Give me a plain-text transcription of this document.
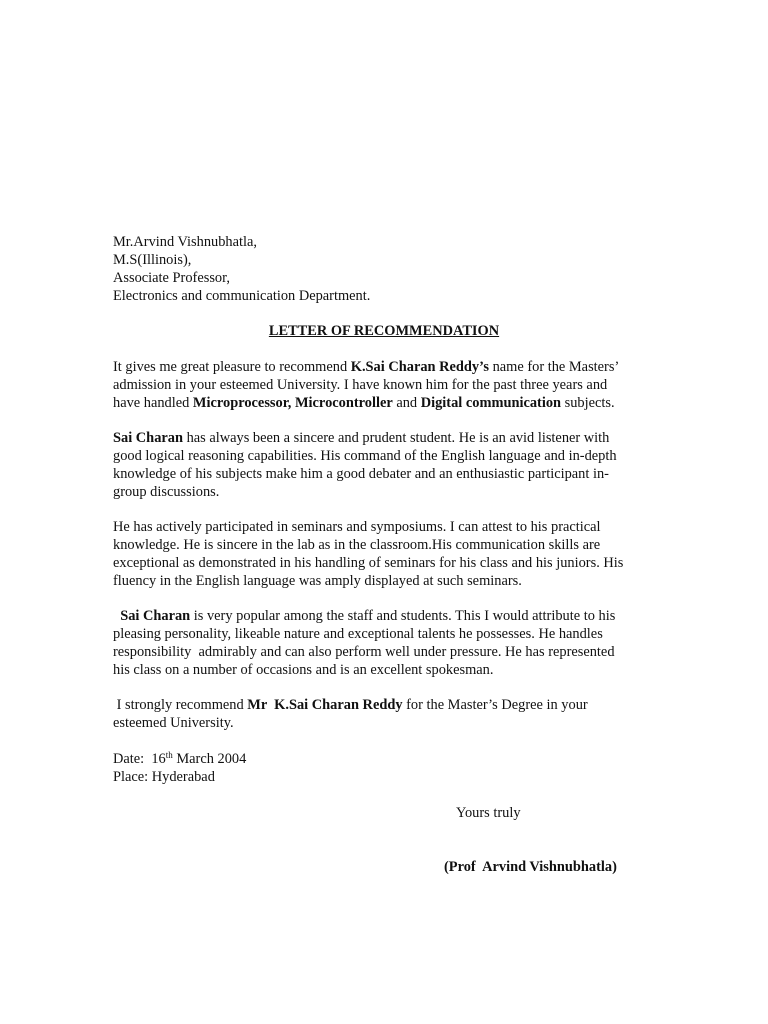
Mr.Arvind Vishnubhatla,
M.S(Illinois),
Associate Professor,
Electronics and communication Department.
LETTER OF RECOMMENDATION
It gives me great pleasure to recommend K.Sai Charan Reddy’s name for the Masters’
admission in your esteemed University. I have known him for the past three years and
have handled Microprocessor, Microcontroller and Digital communication subjects.
Sai Charan has always been a sincere and prudent student. He is an avid listener with
good logical reasoning capabilities. His command of the English language and in-depth
knowledge of his subjects make him a good debater and an enthusiastic participant in-
group discussions.
He has actively participated in seminars and symposiums. I can attest to his practical
knowledge. He is sincere in the lab as in the classroom.His communication skills are
exceptional as demonstrated in his handling of seminars for his class and his juniors. His
fluency in the English language was amply displayed at such seminars.
Sai Charan is very popular among the staff and students. This I would attribute to his
pleasing personality, likeable nature and exceptional talents he possesses. He handles
responsibility  admirably and can also perform well under pressure. He has represented
his class on a number of occasions and is an excellent spokesman.
I strongly recommend Mr  K.Sai Charan Reddy for the Master’s Degree in your
esteemed University.
Date:  16th March 2004
Place: Hyderabad
Yours truly
(Prof  Arvind Vishnubhatla)
